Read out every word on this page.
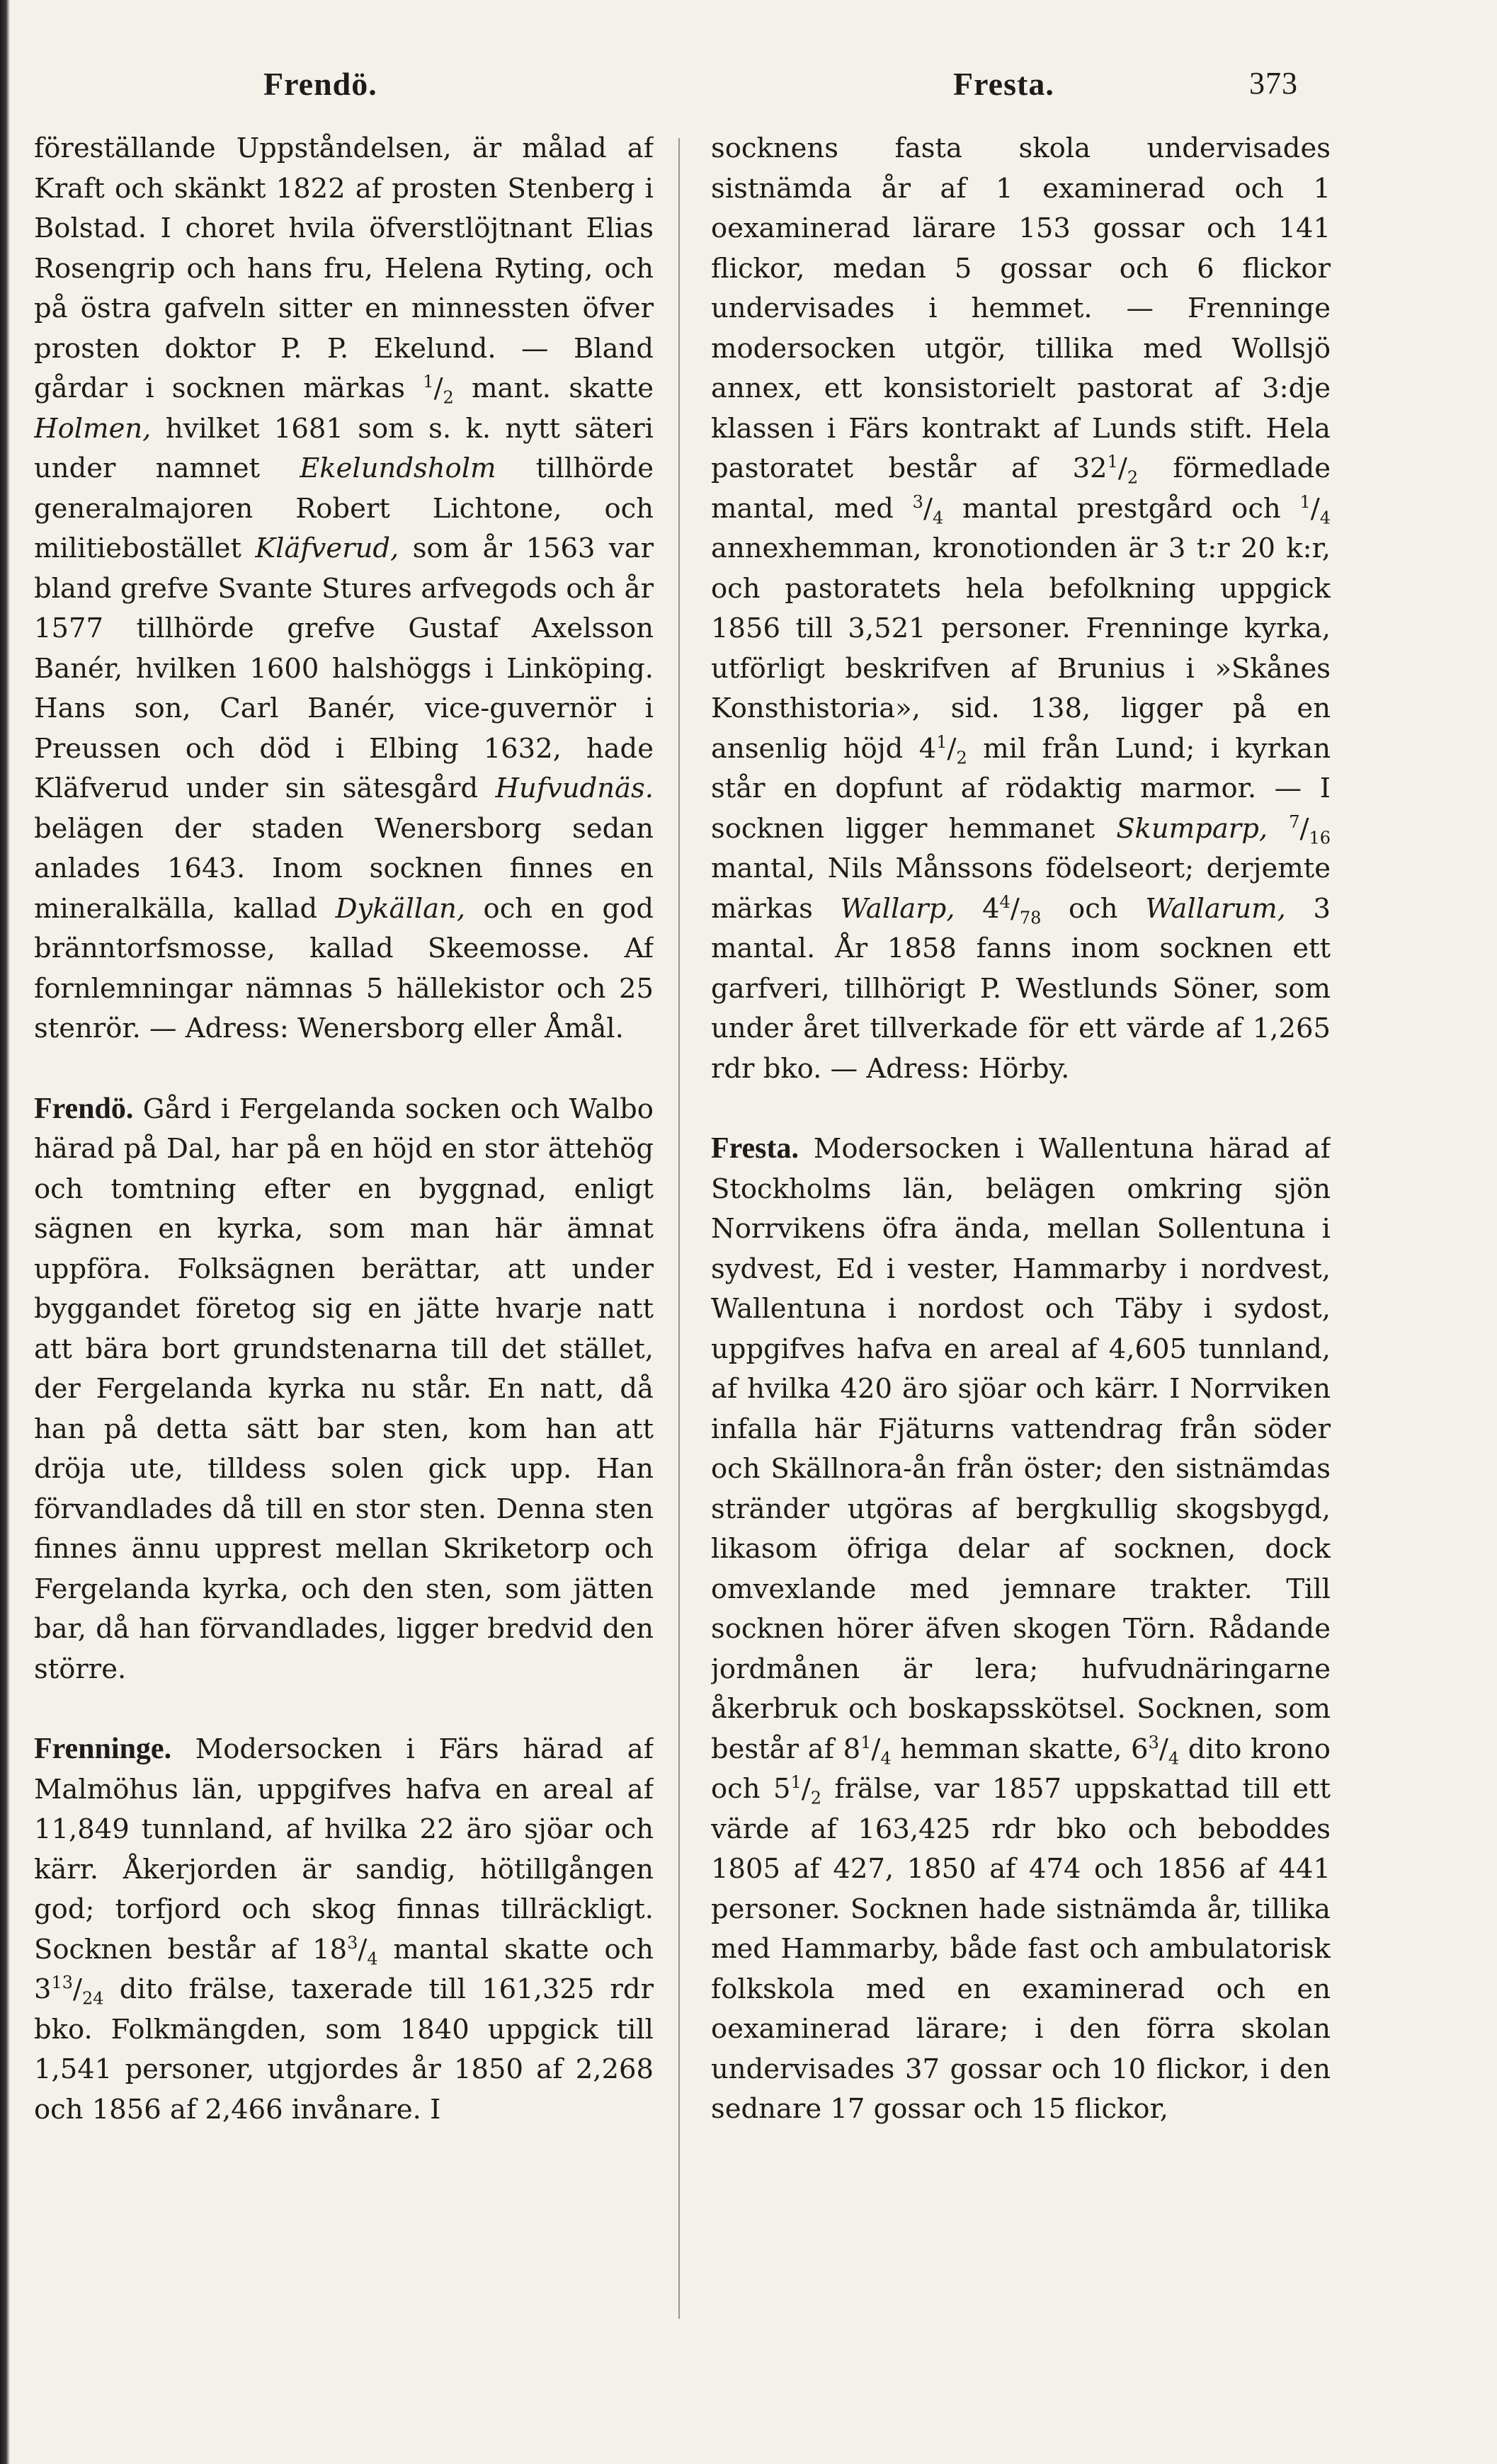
Frendö.	Fresta.	373

föreställande Uppståndelsen, är målad af Kraft och skänkt 1822 af prosten Stenberg i Bolstad. I choret hvila öfverstlöjtnant Elias Rosengrip och hans fru, Helena Ryting, och på östra gafveln sitter en minnessten öfver prosten doktor P. P. Ekelund. — Bland gårdar i socknen märkas $^1/_2$ mant. skatte Holmen, hvilket 1681 som s. k. nytt säteri under namnet Ekelundsholm tillhörde generalmajoren Robert Lichtone, och militiebostället Kläfverud, som år 1563 var bland grefve Svante Stures arfvegods och år 1577 tillhörde grefve Gustaf Axelsson Banér, hvilken 1600 halshöggs i Linköping. Hans son, Carl Banér, vice-guvernör i Preussen och död i Elbing 1632, hade Kläfverud under sin sätesgård Hufvudnäs. belägen der staden Wenersborg sedan anlades 1643. Inom socknen finnes en mineralkälla, kallad Dykällan, och en god bränntorfsmosse, kallad Skeemosse. Af fornlemningar nämnas 5 hällekistor och 25 stenrör. — Adress: Wenersborg eller Åmål.

Frendö. Gård i Fergelanda socken och Walbo härad på Dal, har på en höjd en stor ättehög och tomtning efter en byggnad, enligt sägnen en kyrka, som man här ämnat uppföra. Folksägnen berättar, att under byggandet företog sig en jätte hvarje natt att bära bort grundstenarna till det stället, der Fergelanda kyrka nu står. En natt, då han på detta sätt bar sten, kom han att dröja ute, tilldess solen gick upp. Han förvandlades då till en stor sten. Denna sten finnes ännu upprest mellan Skriketorp och Fergelanda kyrka, och den sten, som jätten bar, då han förvandlades, ligger bredvid den större.

Frenninge. Modersocken i Färs härad af Malmöhus län, uppgifves hafva en areal af 11,849 tunnland, af hvilka 22 äro sjöar och kärr. Åkerjorden är sandig, hötillgången god; torfjord och skog finnas tillräckligt. Socknen består af $18^3/_4$ mantal skatte och $3^{13}/_{24}$ dito frälse, taxerade till 161,325 rdr bko. Folkmängden, som 1840 uppgick till 1,541 personer, utgjordes år 1850 af 2,268 och 1856 af 2,466 invånare. I

socknens fasta skola undervisades sistnämda år af 1 examinerad och 1 oexaminerad lärare 153 gossar och 141 flickor, medan 5 gossar och 6 flickor undervisades i hemmet. — Frenninge modersocken utgör, tillika med Wollsjö annex, ett konsistorielt pastorat af 3:dje klassen i Färs kontrakt af Lunds stift. Hela pastoratet består af $32^1/_2$ förmedlade mantal, med $^3/_4$ mantal prestgård och $^1/_4$ annexhemman, kronotionden är 3 t:r 20 k:r, och pastoratets hela befolkning uppgick 1856 till 3,521 personer. Frenninge kyrka, utförligt beskrifven af Brunius i »Skånes Konsthistoria», sid. 138, ligger på en ansenlig höjd $4^1/_2$ mil från Lund; i kyrkan står en dopfunt af rödaktig marmor. — I socknen ligger hemmanet Skumparp, $^7/_{16}$ mantal, Nils Månssons födelseort; derjemte märkas Wallarp, $4^4/_{78}$ och Wallarum, 3 mantal. År 1858 fanns inom socknen ett garfveri, tillhörigt P. Westlunds Söner, som under året tillverkade för ett värde af 1,265 rdr bko. — Adress: Hörby.

Fresta. Modersocken i Wallentuna härad af Stockholms län, belägen omkring sjön Norrvikens öfra ända, mellan Sollentuna i sydvest, Ed i vester, Hammarby i nordvest, Wallentuna i nordost och Täby i sydost, uppgifves hafva en areal af 4,605 tunnland, af hvilka 420 äro sjöar och kärr. I Norrviken infalla här Fjäturns vattendrag från söder och Skällnora-ån från öster; den sistnämdas stränder utgöras af bergkullig skogsbygd, likasom öfriga delar af socknen, dock omvexlande med jemnare trakter. Till socknen hörer äfven skogen Törn. Rådande jordmånen är lera; hufvudnäringarne åkerbruk och boskapsskötsel. Socknen, som består af $8^1/_4$ hemman skatte, $6^3/_4$ dito krono och $5^1/_2$ frälse, var 1857 uppskattad till ett värde af 163,425 rdr bko och beboddes 1805 af 427, 1850 af 474 och 1856 af 441 personer. Socknen hade sistnämda år, tillika med Hammarby, både fast och ambulatorisk folkskola med en examinerad och en oexaminerad lärare; i den förra skolan undervisades 37 gossar och 10 flickor, i den sednare 17 gossar och 15 flickor,
